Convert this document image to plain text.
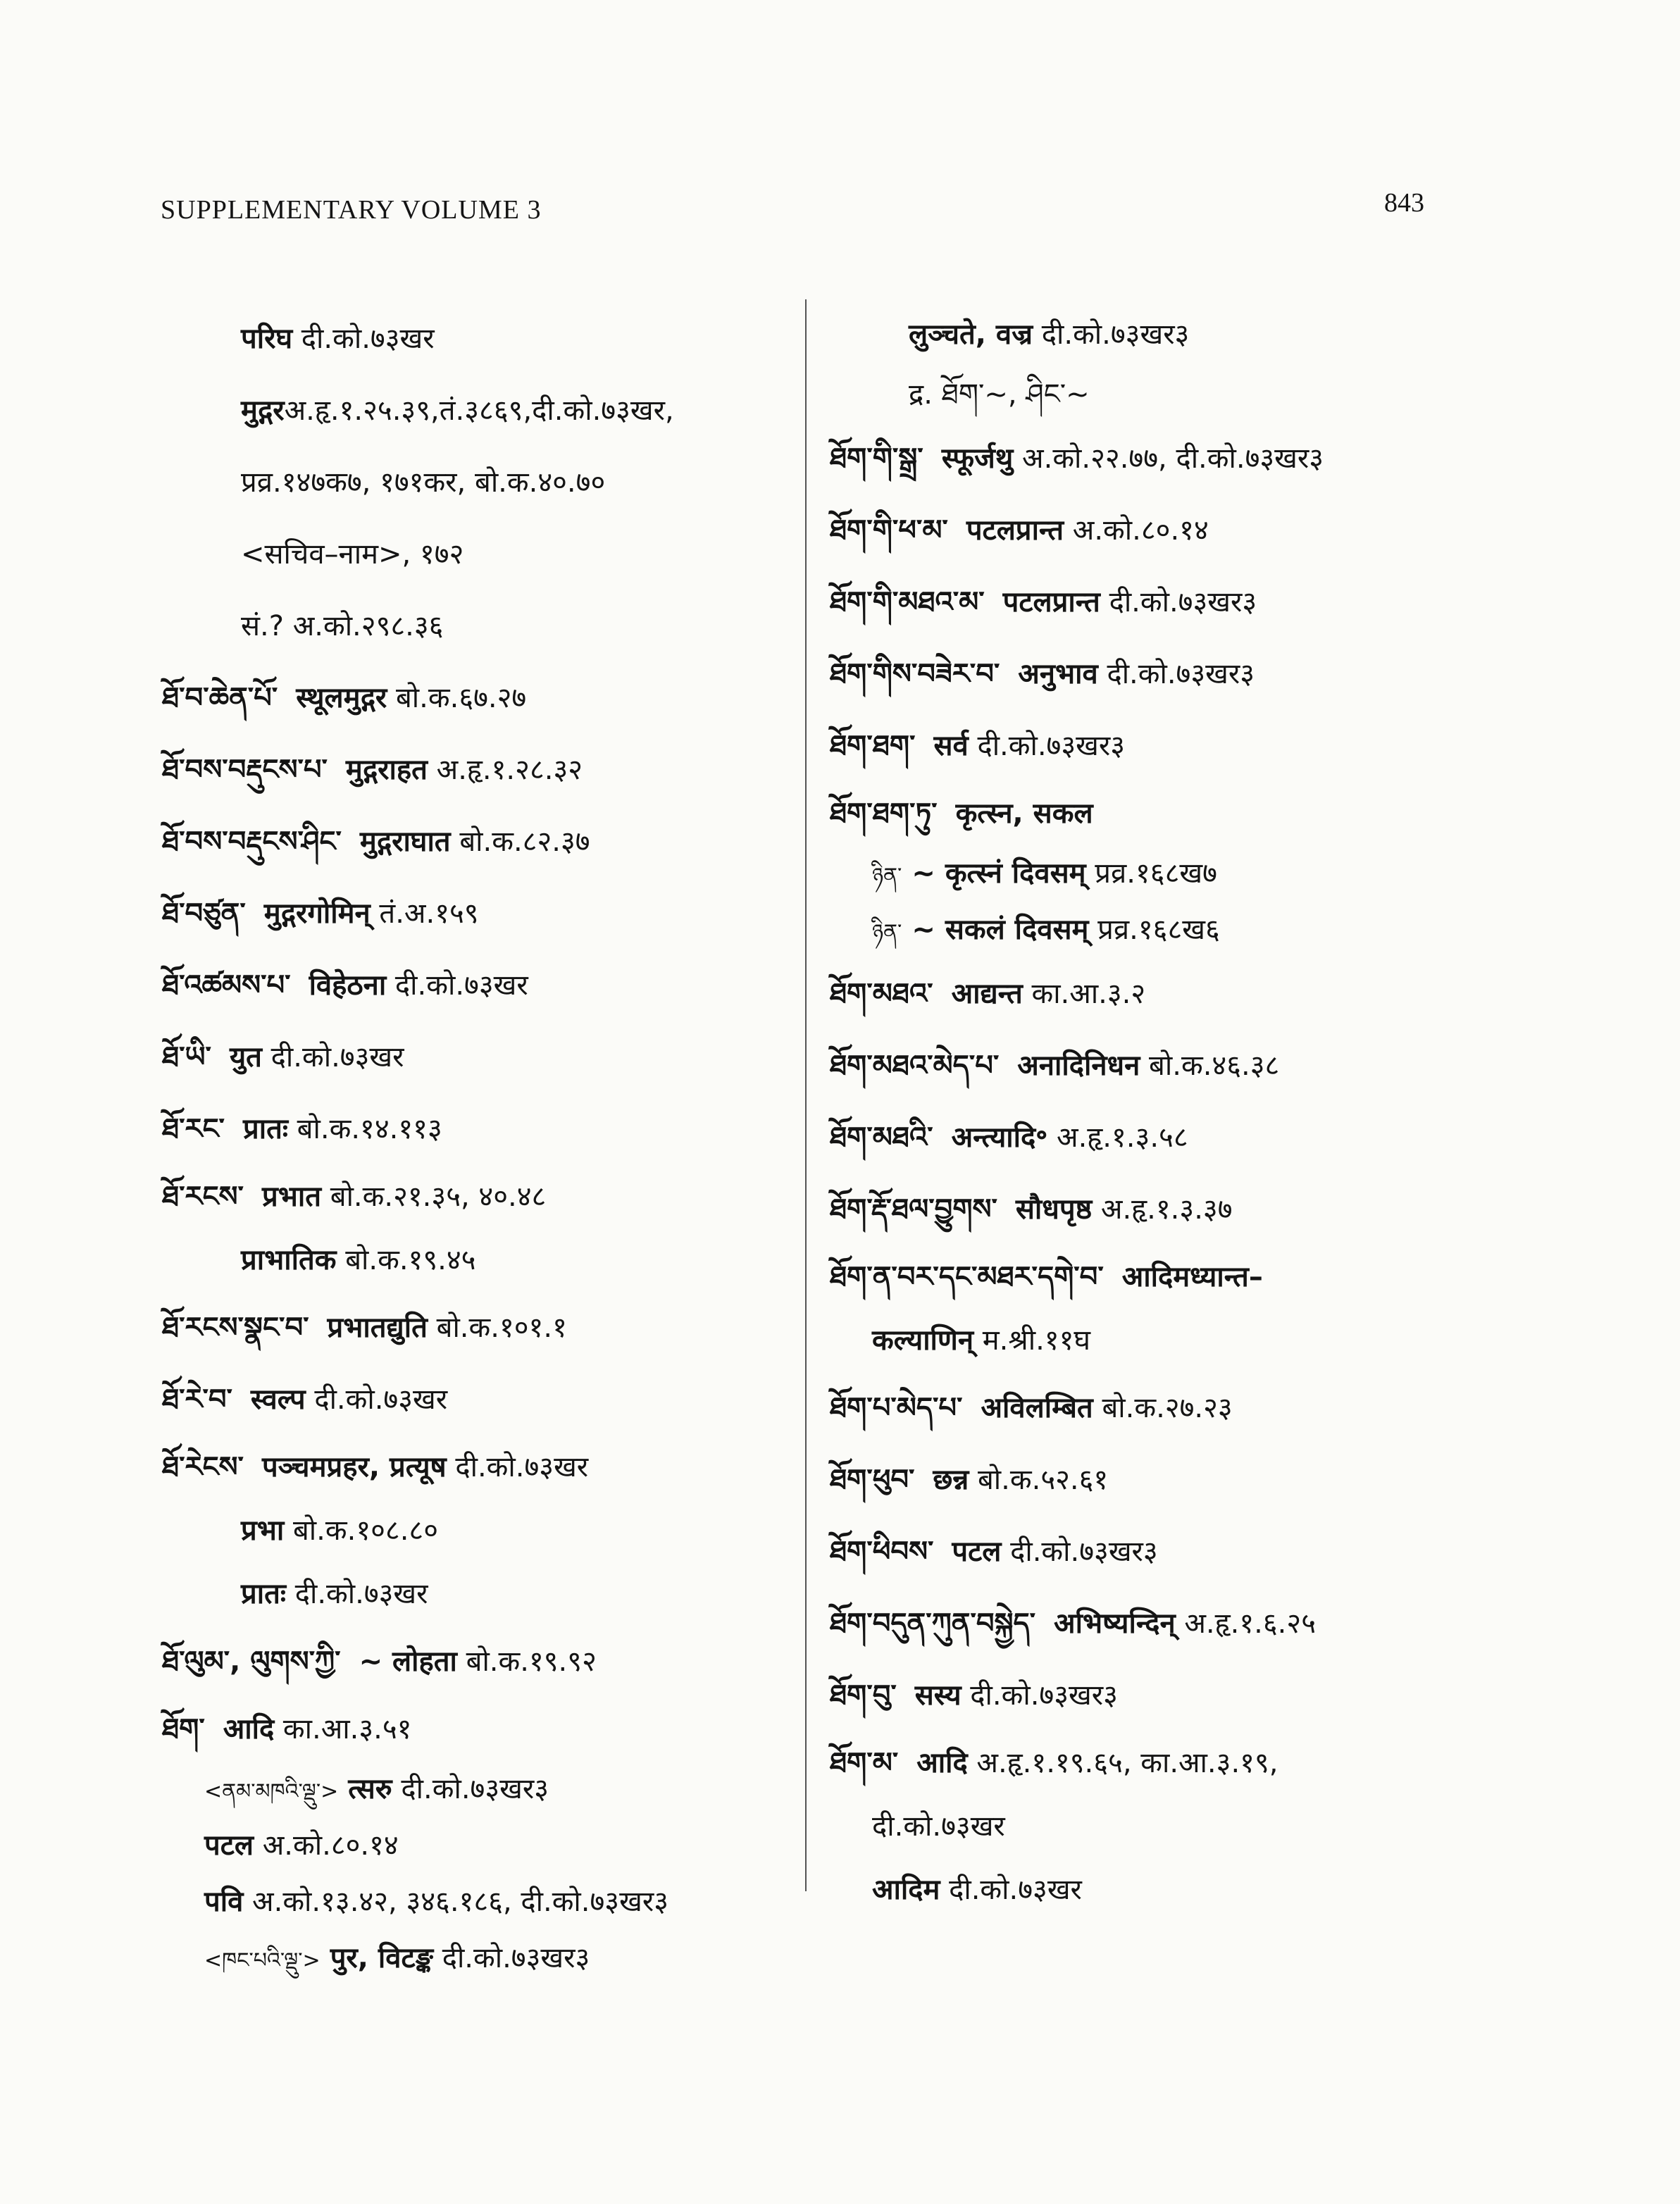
SUPPLEMENTARY VOLUME 3	843
परिघ दी.को.७३खर
मुद्गरअ.हृ.१.२५.३९,तं.३८६९,दी.को.७३खर,
प्रव्र.१४७क७, १७१कर, बो.क.४०.७०
<सचिव–नाम>, १७२
सं.? अ.को.२९८.३६
ཐོ་བ་ཆེན་པོ་ स्थूलमुद्गर बो.क.६७.२७
ཐོ་བས་བརྡུངས་པ་ मुद्गराहत अ.हृ.१.२८.३२
ཐོ་བས་བརྡུངས་ཤིང་ मुद्गराघात बो.क.८२.३७
ཐོ་བཙུན་ मुद्गरगोमिन् तं.अ.१५९
ཐོ་འཚམས་པ་ विहेठना दी.को.७३खर
ཐོ་ཡི་ युत दी.को.७३खर
ཐོ་རང་ प्रातः बो.क.१४.११३
ཐོ་རངས་ प्रभात बो.क.२१.३५, ४०.४८
प्राभातिक बो.क.१९.४५
ཐོ་རངས་སྣང་བ་ प्रभातद्युति बो.क.१०१.१
ཐོ་རེ་བ་ स्वल्प दी.को.७३खर
ཐོ་རེངས་ पञ्चमप्रहर, प्रत्यूष दी.को.७३खर
प्रभा बो.क.१०८.८०
प्रातः दी.को.७३खर
ཐོ་ལུམ་, ལུགས་ཀྱི་ ~ लोहता बो.क.१९.९२
ཐོག་ आदि का.आ.३.५१
<ནམ་མཁའི་ལྡུ་> त्सरु दी.को.७३खर३
पटल अ.को.८०.१४
पवि अ.को.१३.४२, ३४६.१८६, दी.को.७३खर३
<ཁང་པའི་ལྡུ་> पुर, विटङ्क दी.को.७३खर३
लुञ्चते, वज्र दी.को.७३खर३
द्र. ཐོག་~, ཤིང་~
ཐོག་གི་སྒྲ་ स्फूर्जथु अ.को.२२.७७, दी.को.७३खर३
ཐོག་གི་ཕ་མ་ पटलप्रान्त अ.को.८०.१४
ཐོག་གི་མཐའ་མ་ पटलप्रान्त दी.को.७३खर३
ཐོག་གིས་བཟེར་བ་ अनुभाव दी.को.७३खर३
ཐོག་ཐག་ सर्व दी.को.७३खर३
ཐོག་ཐག་ཏུ་ कृत्स्न, सकल
ཉིན་ ~ कृत्स्नं दिवसम् प्रव्र.१६८ख७
ཉིན་ ~ सकलं दिवसम् प्रव्र.१६८ख६
ཐོག་མཐའ་ आद्यन्त का.आ.३.२
ཐོག་མཐའ་མེད་པ་ अनादिनिधन बो.क.४६.३८
ཐོག་མཐའི་ अन्त्यादि॰ अ.हृ.१.३.५८
ཐོག་རྡོ་ཐལ་བྱུགས་ सौधपृष्ठ अ.हृ.१.३.३७
ཐོག་ན་བར་དང་མཐར་དགེ་བ་ आदिमध्यान्त–
कल्याणिन् म.श्री.११घ
ཐོག་པ་མེད་པ་ अविलम्बित बो.क.२७.२३
ཐོག་ཕུབ་ छन्न बो.क.५२.६१
ཐོག་ཕིབས་ पटल दी.को.७३खर३
ཐོག་བདུན་ཀུན་བསྐྱེད་ अभिष्यन्दिन् अ.हृ.१.६.२५
ཐོག་བུ་ सस्य दी.को.७३खर३
ཐོག་མ་ आदि अ.हृ.१.१९.६५, का.आ.३.१९,
दी.को.७३खर
आदिम दी.को.७३खर
